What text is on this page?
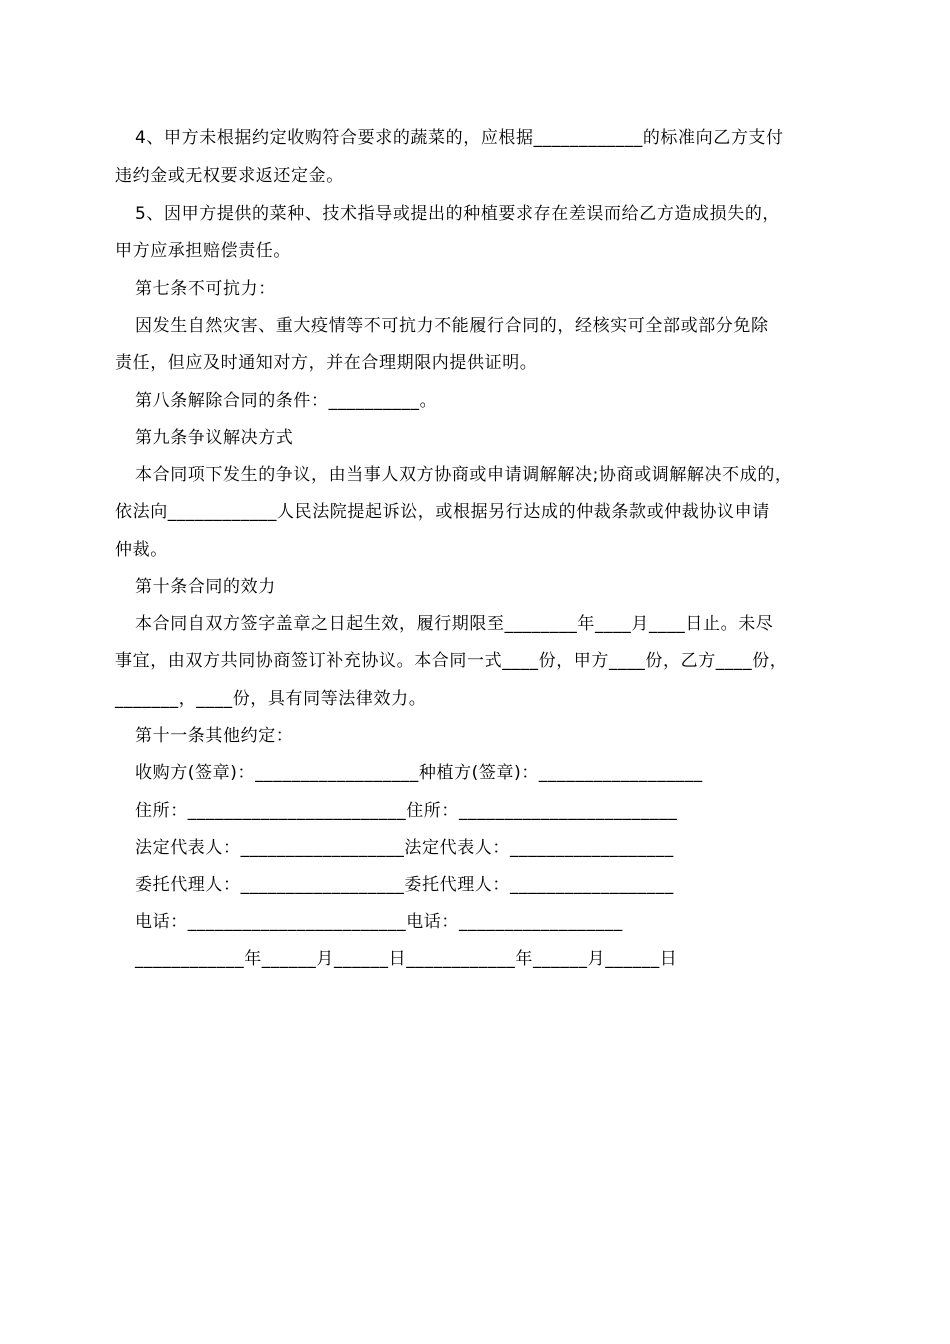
4、甲方未根据约定收购符合要求的蔬菜的，应根据____________的标准向乙方支付
违约金或无权要求返还定金。
5、因甲方提供的菜种、技术指导或提出的种植要求存在差误而给乙方造成损失的，
甲方应承担赔偿责任。
第七条不可抗力：
因发生自然灾害、重大疫情等不可抗力不能履行合同的，经核实可全部或部分免除
责任，但应及时通知对方，并在合理期限内提供证明。
第八条解除合同的条件：__________。
第九条争议解决方式
本合同项下发生的争议，由当事人双方协商或申请调解解决;协商或调解解决不成的，
依法向____________人民法院提起诉讼，或根据另行达成的仲裁条款或仲裁协议申请
仲裁。
第十条合同的效力
本合同自双方签字盖章之日起生效，履行期限至________年____月____日止。未尽
事宜，由双方共同协商签订补充协议。本合同一式____份，甲方____份，乙方____份，
_______，____份，具有同等法律效力。
第十一条其他约定：
收购方(签章)：__________________种植方(签章)：__________________
住所：________________________住所：________________________
法定代表人：__________________法定代表人：__________________
委托代理人：__________________委托代理人：__________________
电话：________________________电话：__________________
____________年______月______日____________年______月______日
